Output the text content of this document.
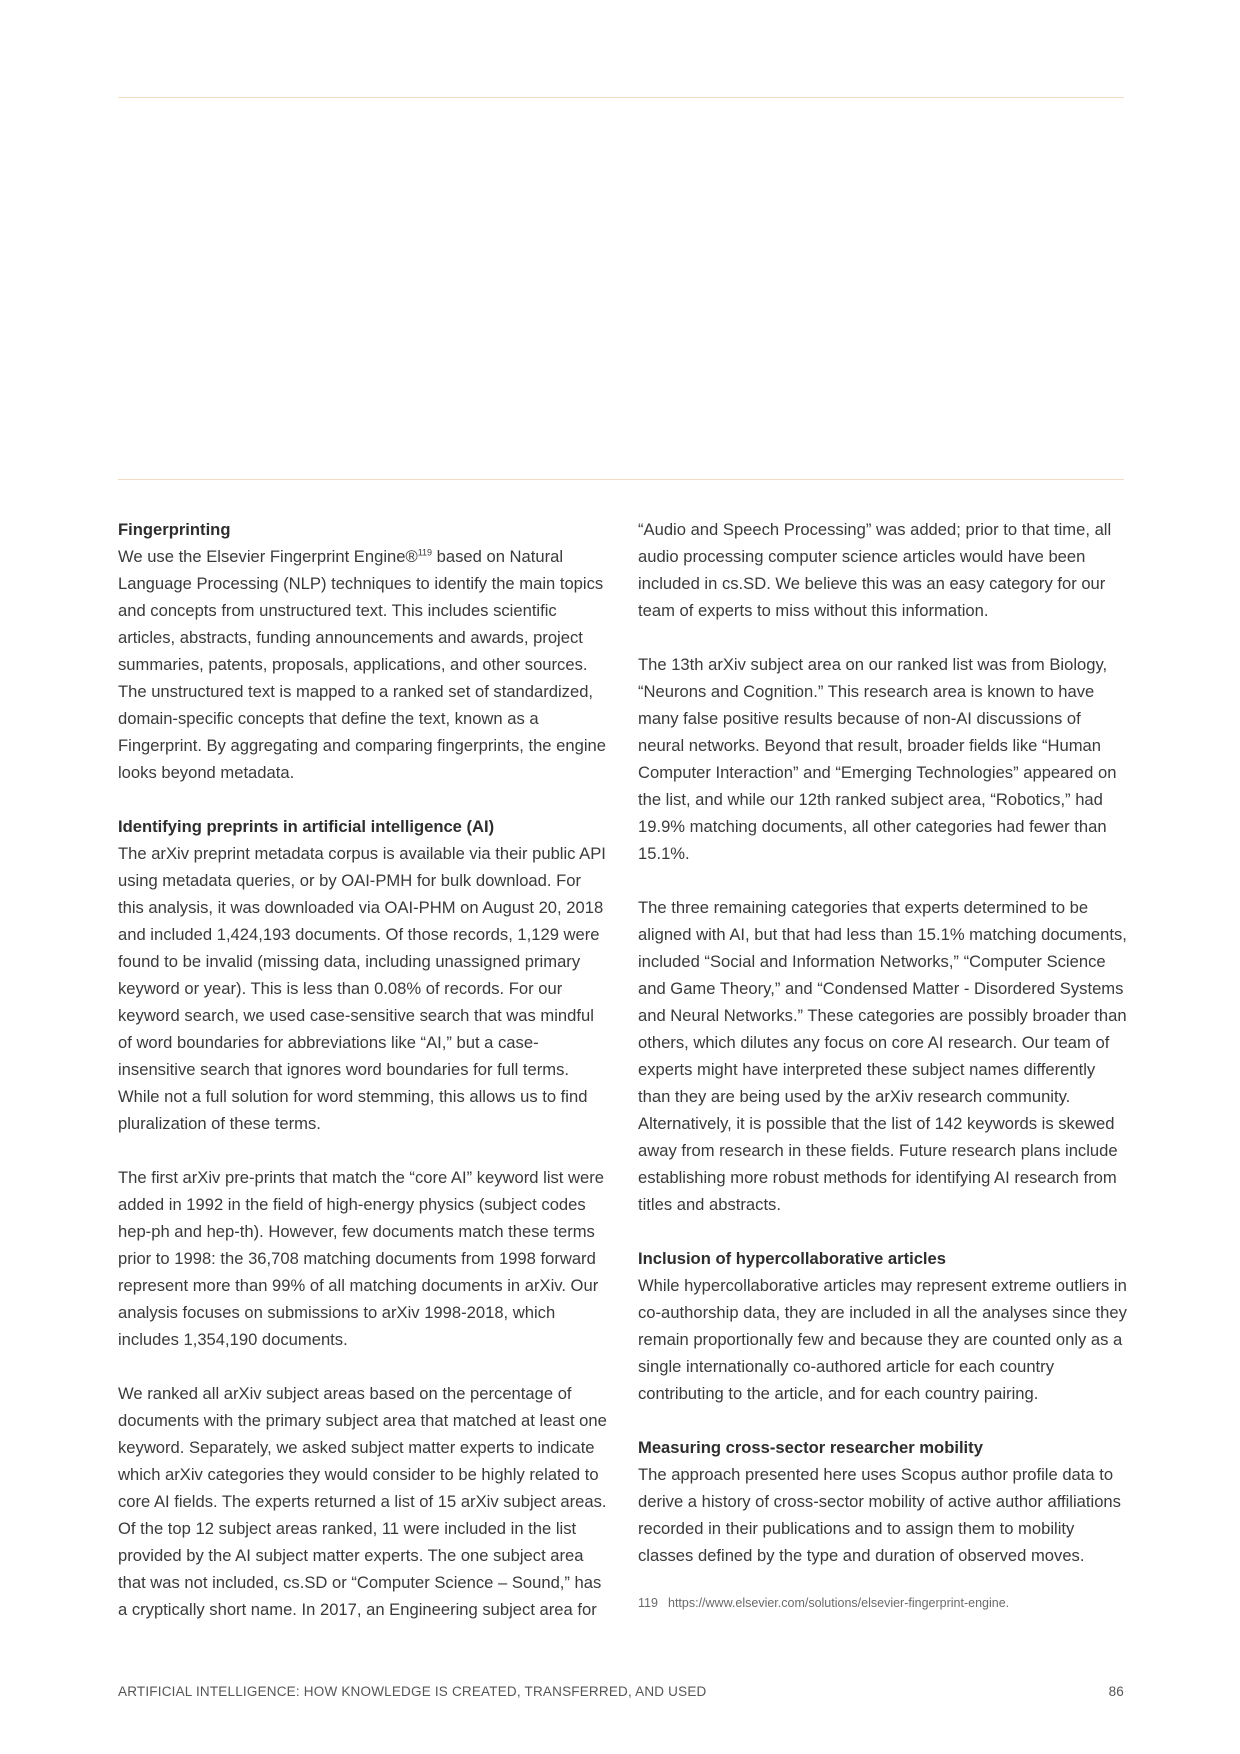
Fingerprinting

We use the Elsevier Fingerprint Engine®$^{119}$ based on Natural Language Processing (NLP) techniques to identify the main topics and concepts from unstructured text. This includes scientific articles, abstracts, funding announcements and awards, project summaries, patents, proposals, applications, and other sources. The unstructured text is mapped to a ranked set of standardized, domain-specific concepts that define the text, known as a Fingerprint. By aggregating and comparing fingerprints, the engine looks beyond metadata.

Identifying preprints in artificial intelligence (AI)

The arXiv preprint metadata corpus is available via their public API using metadata queries, or by OAI-PMH for bulk download. For this analysis, it was downloaded via OAI-PHM on August 20, 2018 and included 1,424,193 documents. Of those records, 1,129 were found to be invalid (missing data, including unassigned primary keyword or year). This is less than 0.08% of records. For our keyword search, we used case-sensitive search that was mindful of word boundaries for abbreviations like “AI,” but a case-insensitive search that ignores word boundaries for full terms. While not a full solution for word stemming, this allows us to find pluralization of these terms.

The first arXiv pre-prints that match the “core AI” keyword list were added in 1992 in the field of high-energy physics (subject codes hep-ph and hep-th). However, few documents match these terms prior to 1998: the 36,708 matching documents from 1998 forward represent more than 99% of all matching documents in arXiv. Our analysis focuses on submissions to arXiv 1998-2018, which includes 1,354,190 documents.

We ranked all arXiv subject areas based on the percentage of documents with the primary subject area that matched at least one keyword. Separately, we asked subject matter experts to indicate which arXiv categories they would consider to be highly related to core AI fields. The experts returned a list of 15 arXiv subject areas. Of the top 12 subject areas ranked, 11 were included in the list provided by the AI subject matter experts. The one subject area that was not included, cs.SD or “Computer Science – Sound,” has a cryptically short name. In 2017, an Engineering subject area for

“Audio and Speech Processing” was added; prior to that time, all audio processing computer science articles would have been included in cs.SD. We believe this was an easy category for our team of experts to miss without this information.

The 13th arXiv subject area on our ranked list was from Biology, “Neurons and Cognition.” This research area is known to have many false positive results because of non-AI discussions of neural networks. Beyond that result, broader fields like “Human Computer Interaction” and “Emerging Technologies” appeared on the list, and while our 12th ranked subject area, “Robotics,” had 19.9% matching documents, all other categories had fewer than 15.1%.

The three remaining categories that experts determined to be aligned with AI, but that had less than 15.1% matching documents, included “Social and Information Networks,” “Computer Science and Game Theory,” and “Condensed Matter - Disordered Systems and Neural Networks.” These categories are possibly broader than others, which dilutes any focus on core AI research. Our team of experts might have interpreted these subject names differently than they are being used by the arXiv research community. Alternatively, it is possible that the list of 142 keywords is skewed away from research in these fields. Future research plans include establishing more robust methods for identifying AI research from titles and abstracts.

Inclusion of hypercollaborative articles

While hypercollaborative articles may represent extreme outliers in co-authorship data, they are included in all the analyses since they remain proportionally few and because they are counted only as a single internationally co-authored article for each country contributing to the article, and for each country pairing.

Measuring cross-sector researcher mobility

The approach presented here uses Scopus author profile data to derive a history of cross-sector mobility of active author affiliations recorded in their publications and to assign them to mobility classes defined by the type and duration of observed moves.

119 https://www.elsevier.com/solutions/elsevier-fingerprint-engine.
ARTIFICIAL INTELLIGENCE: HOW KNOWLEDGE IS CREATED, TRANSFERRED, AND USED	86
